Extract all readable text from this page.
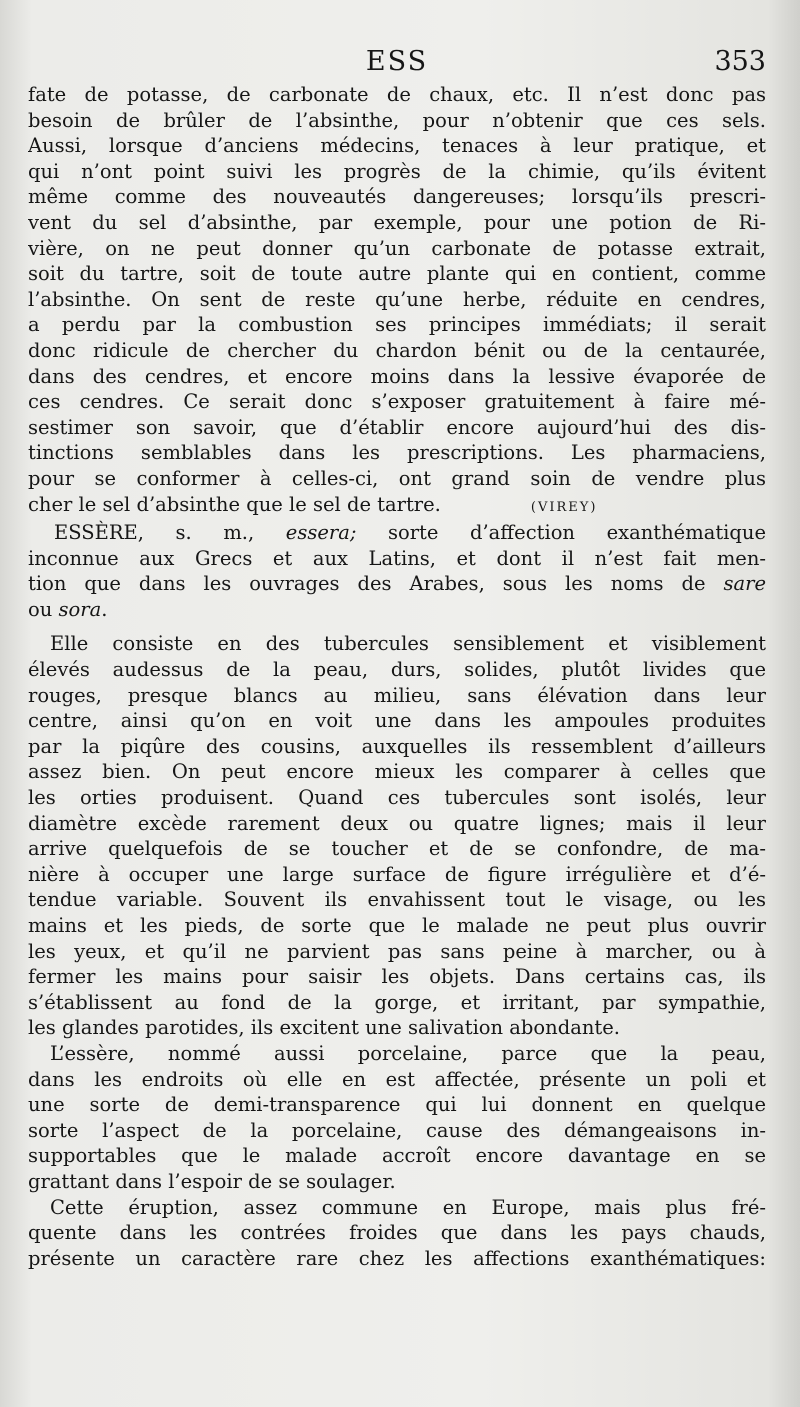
ESS	353
fate de potasse, de carbonate de chaux, etc. Il n’est donc pas
besoin de brûler de l’absinthe, pour n’obtenir que ces sels.
Aussi, lorsque d’anciens médecins, tenaces à leur pratique, et
qui n’ont point suivi les progrès de la chimie, qu’ils évitent
même comme des nouveautés dangereuses; lorsqu’ils prescri-
vent du sel d’absinthe, par exemple, pour une potion de Ri-
vière, on ne peut donner qu’un carbonate de potasse extrait,
soit du tartre, soit de toute autre plante qui en contient, comme
l’absinthe. On sent de reste qu’une herbe, réduite en cendres,
a perdu par la combustion ses principes immédiats; il serait
donc ridicule de chercher du chardon bénit ou de la centaurée,
dans des cendres, et encore moins dans la lessive évaporée de
ces cendres. Ce serait donc s’exposer gratuitement à faire mé-
sestimer son savoir, que d’établir encore aujourd’hui des dis-
tinctions semblables dans les prescriptions. Les pharmaciens,
pour se conformer à celles-ci, ont grand soin de vendre plus
cher le sel d’absinthe que le sel de tartre.	(VIREY)
ESSÈRE, s. m., essera; sorte d’affection exanthématique
inconnue aux Grecs et aux Latins, et dont il n’est fait men-
tion que dans les ouvrages des Arabes, sous les noms de sare
ou sora.
Elle consiste en des tubercules sensiblement et visiblement
élevés audessus de la peau, durs, solides, plutôt livides que
rouges, presque blancs au milieu, sans élévation dans leur
centre, ainsi qu’on en voit une dans les ampoules produites
par la piqûre des cousins, auxquelles ils ressemblent d’ailleurs
assez bien. On peut encore mieux les comparer à celles que
les orties produisent. Quand ces tubercules sont isolés, leur
diamètre excède rarement deux ou quatre lignes; mais il leur
arrive quelquefois de se toucher et de se confondre, de ma-
nière à occuper une large surface de figure irrégulière et d’é-
tendue variable. Souvent ils envahissent tout le visage, ou les
mains et les pieds, de sorte que le malade ne peut plus ouvrir
les yeux, et qu’il ne parvient pas sans peine à marcher, ou à
fermer les mains pour saisir les objets. Dans certains cas, ils
s’établissent au fond de la gorge, et irritant, par sympathie,
les glandes parotides, ils excitent une salivation abondante.
L’essère, nommé aussi porcelaine, parce que la peau,
dans les endroits où elle en est affectée, présente un poli et
une sorte de demi-transparence qui lui donnent en quelque
sorte l’aspect de la porcelaine, cause des démangeaisons in-
supportables que le malade accroît encore davantage en se
grattant dans l’espoir de se soulager.
Cette éruption, assez commune en Europe, mais plus fré-
quente dans les contrées froides que dans les pays chauds,
présente un caractère rare chez les affections exanthématiques:
